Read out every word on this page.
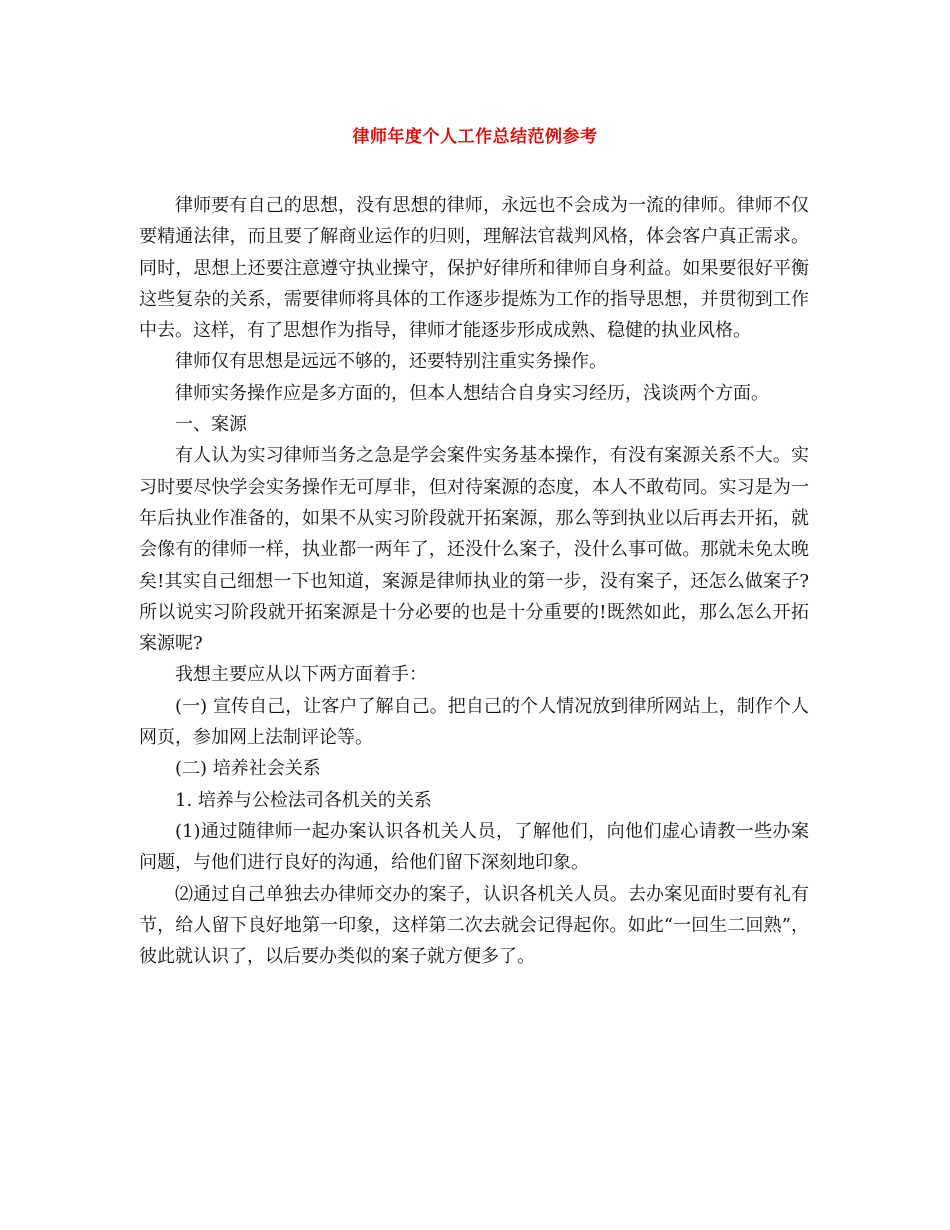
律师年度个人工作总结范例参考

律师要有自己的思想，没有思想的律师，永远也不会成为一流的律师。律师不仅要精通法律，而且要了解商业运作的归则，理解法官裁判风格，体会客户真正需求。同时，思想上还要注意遵守执业操守，保护好律所和律师自身利益。如果要很好平衡这些复杂的关系，需要律师将具体的工作逐步提炼为工作的指导思想，并贯彻到工作中去。这样，有了思想作为指导，律师才能逐步形成成熟、稳健的执业风格。

律师仅有思想是远远不够的，还要特别注重实务操作。

律师实务操作应是多方面的，但本人想结合自身实习经历，浅谈两个方面。

一、案源

有人认为实习律师当务之急是学会案件实务基本操作，有没有案源关系不大。实习时要尽快学会实务操作无可厚非，但对待案源的态度，本人不敢苟同。实习是为一年后执业作准备的，如果不从实习阶段就开拓案源，那么等到执业以后再去开拓，就会像有的律师一样，执业都一两年了，还没什么案子，没什么事可做。那就未免太晚矣!其实自己细想一下也知道，案源是律师执业的第一步，没有案子，还怎么做案子?所以说实习阶段就开拓案源是十分必要的也是十分重要的!既然如此，那么怎么开拓案源呢?

我想主要应从以下两方面着手：

(一) 宣传自己，让客户了解自己。把自己的个人情况放到律所网站上，制作个人网页，参加网上法制评论等。

(二) 培养社会关系

1. 培养与公检法司各机关的关系

(1)通过随律师一起办案认识各机关人员，了解他们，向他们虚心请教一些办案问题，与他们进行良好的沟通，给他们留下深刻地印象。

⑵通过自己单独去办律师交办的案子，认识各机关人员。去办案见面时要有礼有节，给人留下良好地第一印象，这样第二次去就会记得起你。如此“一回生二回熟”，彼此就认识了，以后要办类似的案子就方便多了。
